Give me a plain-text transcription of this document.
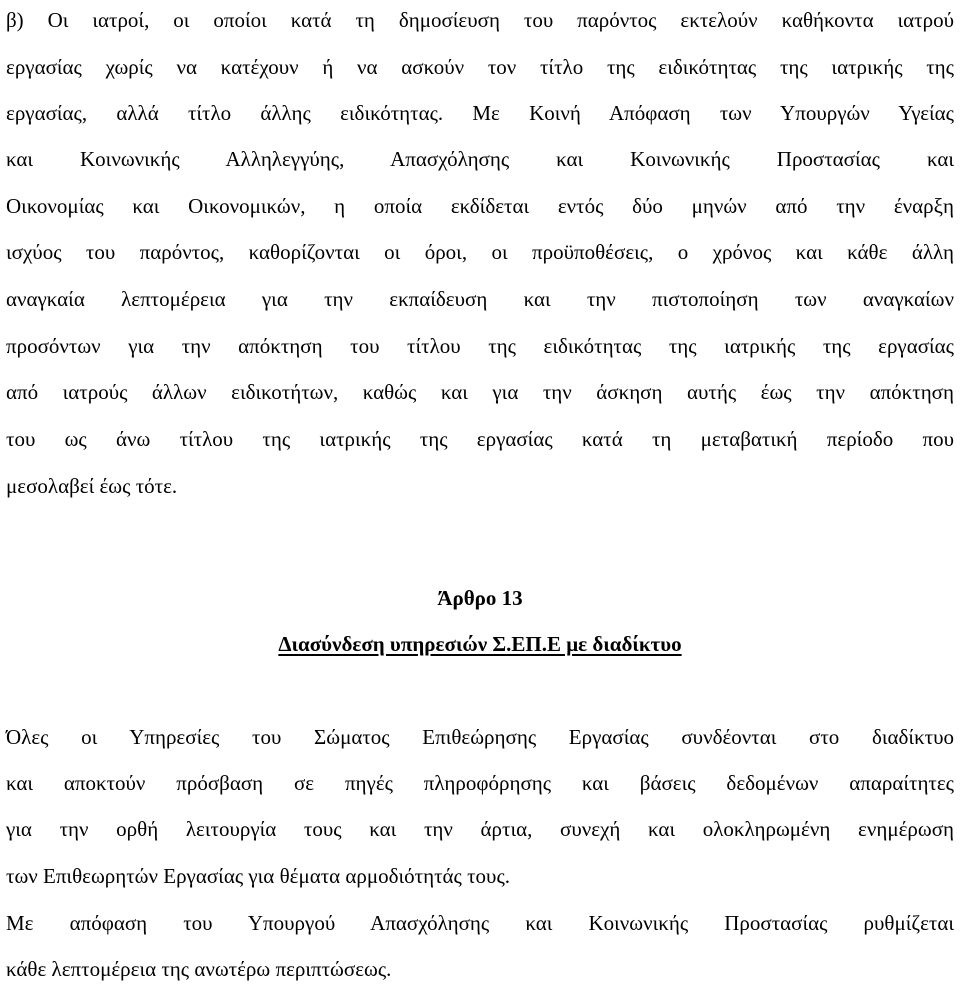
β) Οι ιατροί, οι οποίοι κατά τη δημοσίευση του παρόντος εκτελούν καθήκοντα ιατρού
εργασίας χωρίς να κατέχουν ή να ασκούν τον τίτλο της ειδικότητας της ιατρικής της
εργασίας, αλλά τίτλο άλλης ειδικότητας. Με Κοινή Απόφαση των Υπουργών Υγείας
και Κοινωνικής Αλληλεγγύης, Απασχόλησης και Κοινωνικής Προστασίας και
Οικονομίας και Οικονομικών, η οποία εκδίδεται εντός δύο μηνών από την έναρξη
ισχύος του παρόντος, καθορίζονται οι όροι, οι προϋποθέσεις, ο χρόνος και κάθε άλλη
αναγκαία λεπτομέρεια για την εκπαίδευση και την πιστοποίηση των αναγκαίων
προσόντων για την απόκτηση του τίτλου της ειδικότητας της ιατρικής της εργασίας
από ιατρούς άλλων ειδικοτήτων, καθώς και για την άσκηση αυτής έως την απόκτηση
του ως άνω τίτλου της ιατρικής της εργασίας κατά τη μεταβατική περίοδο που
μεσολαβεί έως τότε.
Άρθρο 13
Διασύνδεση υπηρεσιών Σ.ΕΠ.Ε με διαδίκτυο
Όλες οι Υπηρεσίες του Σώματος Επιθεώρησης Εργασίας συνδέονται στο διαδίκτυο
και αποκτούν πρόσβαση σε πηγές πληροφόρησης και βάσεις δεδομένων απαραίτητες
για την ορθή λειτουργία τους και την άρτια, συνεχή και ολοκληρωμένη ενημέρωση
των Επιθεωρητών Εργασίας για θέματα αρμοδιότητάς τους.
Με απόφαση του Υπουργού Απασχόλησης και Κοινωνικής Προστασίας ρυθμίζεται
κάθε λεπτομέρεια της ανωτέρω περιπτώσεως.
